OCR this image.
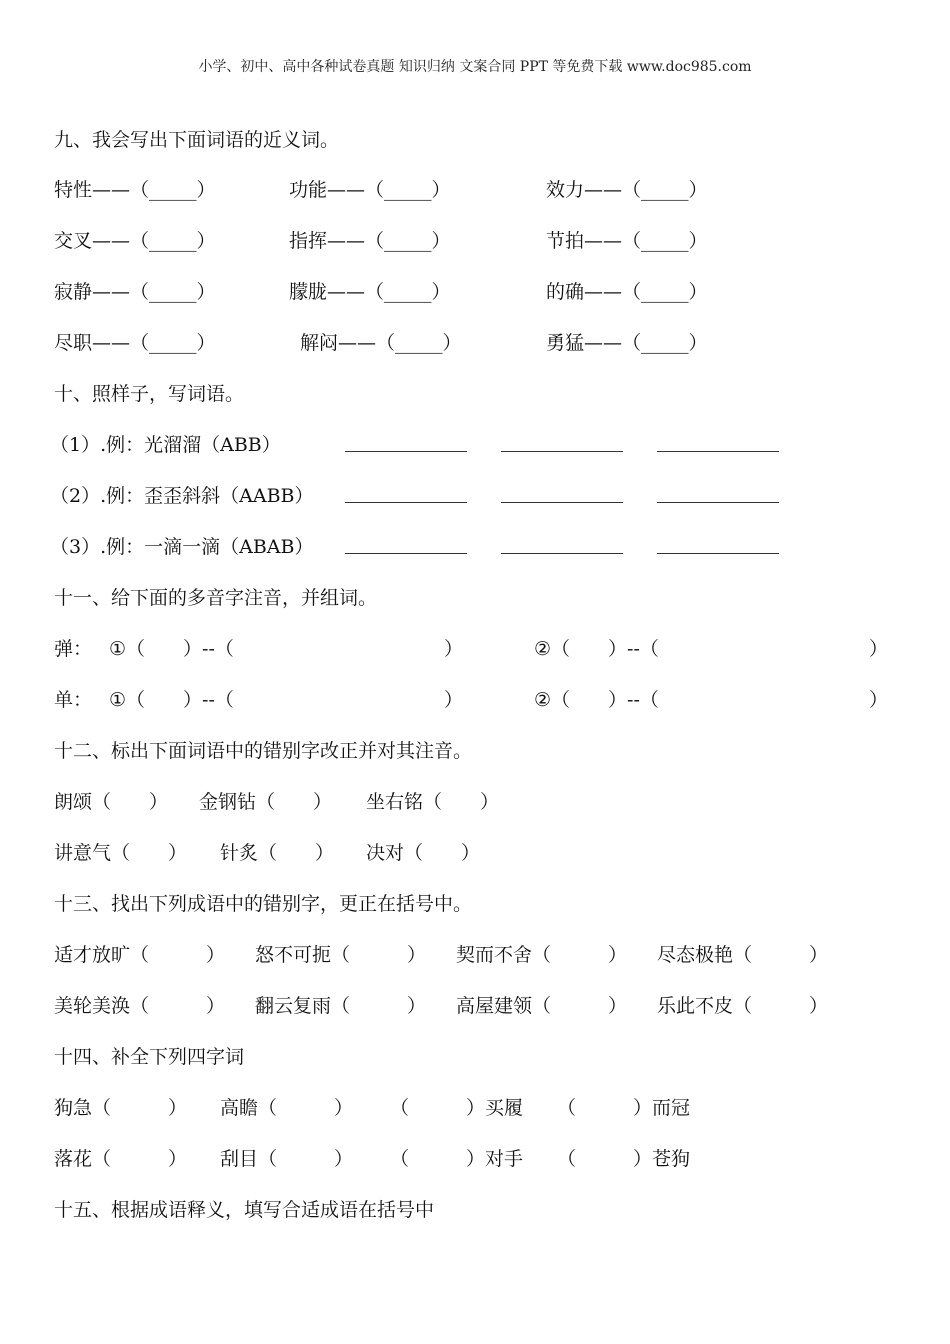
小学、初中、高中各种试卷真题 知识归纳 文案合同 PPT 等免费下载 www.doc985.com
九、我会写出下面词语的近义词。
特性——（_____）	功能——（_____）	效力——（_____）
交叉——（_____）	指挥——（_____）	节拍——（_____）
寂静——（_____）	朦胧——（_____）	的确——（_____）
尽职——（_____）	解闷——（_____）	勇猛——（_____）
十、照样子，写词语。
（1）.例：光溜溜（ABB）
（2）.例：歪歪斜斜（AABB）
（3）.例：一滴一滴（ABAB）
十一、给下面的多音字注音，并组词。
弹： ①（　　）--（	）	②（　　）--（	）
单： ①（　　）--（	）	②（　　）--（	）
十二、标出下面词语中的错别字改正并对其注音。
朗颂（　　） 金钢钻（　　） 坐右铭（　　）
讲意气（　　） 针炙（　　） 决对（　　）
十三、找出下列成语中的错别字，更正在括号中。
适才放旷（　　　） 怒不可扼（　　　） 契而不舍（　　　） 尽态极艳（　　　）
美轮美涣（　　　） 翻云复雨（　　　） 高屋建领（　　　） 乐此不皮（　　　）
十四、补全下列四字词
狗急（　　　） 高瞻（　　　） （　　　）买履 （　　　）而冠
落花（　　　） 刮目（　　　） （　　　）对手 （　　　）苍狗
十五、根据成语释义，填写合适成语在括号中
